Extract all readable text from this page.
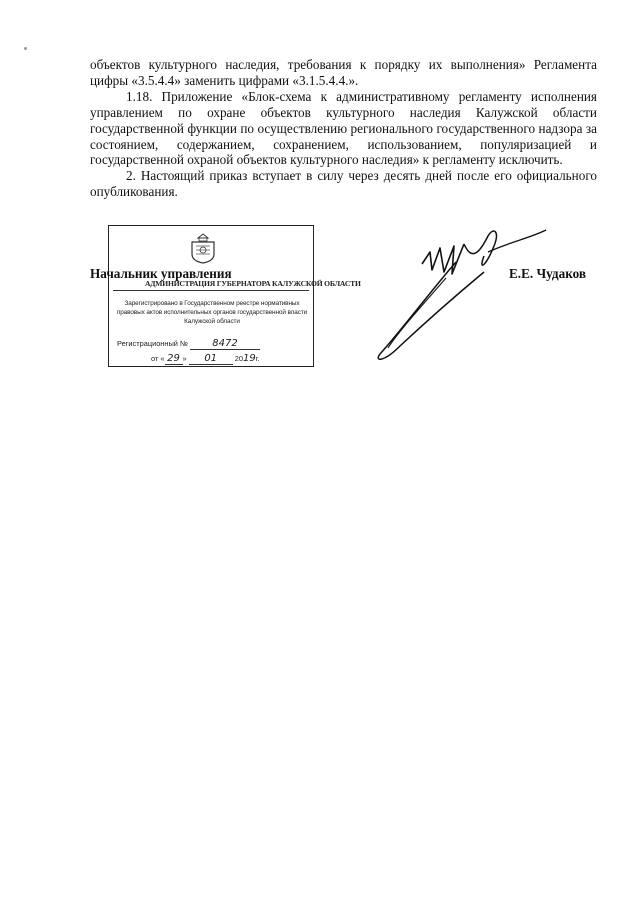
объектов культурного наследия, требования к порядку их выполнения» Регламента цифры «3.5.4.4» заменить цифрами «3.1.5.4.4.».

1.18. Приложение «Блок-схема к административному регламенту исполнения управлением по охране объектов культурного наследия Калужской области государственной функции по осуществлению регионального государственного надзора за состоянием, содержанием, сохранением, использованием, популяризацией и государственной охраной объектов культурного наследия» к регламенту исключить.

2. Настоящий приказ вступает в силу через десять дней после его официального опубликования.

АДМИНИСТРАЦИЯ ГУБЕРНАТОРА КАЛУЖСКОЙ ОБЛАСТИ
Зарегистрировано в Государственном реестре нормативных правовых актов исполнительных органов государственной власти Калужской области
Регистрационный № 8472
от « 29 » 01 2019г.
Начальник управления	Е.Е. Чудаков
